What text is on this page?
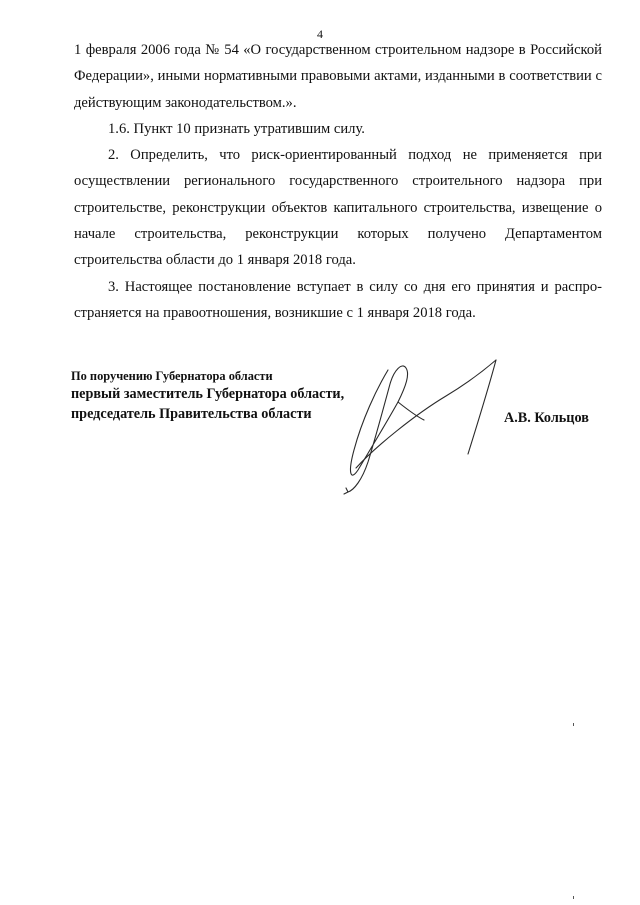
4

1 февраля 2006 года № 54 «О государственном строительном надзоре в Российской Федерации», иными нормативными правовыми актами, изданными в соответствии с действующим законодательством.».

1.6. Пункт 10 признать утратившим силу.

2. Определить, что риск-ориентированный подход не применяется при осуществлении регионального государственного строительного надзора при строительстве, реконструкции объектов капитального строительства, извещение о начале строительства, реконструкции которых получено Департаментом строительства области до 1 января 2018 года.

3. Настоящее постановление вступает в силу со дня его принятия и распространяется на правоотношения, возникшие с 1 января 2018 года.

По поручению Губернатора области
первый заместитель Губернатора области,
председатель Правительства области	А.В. Кольцов
